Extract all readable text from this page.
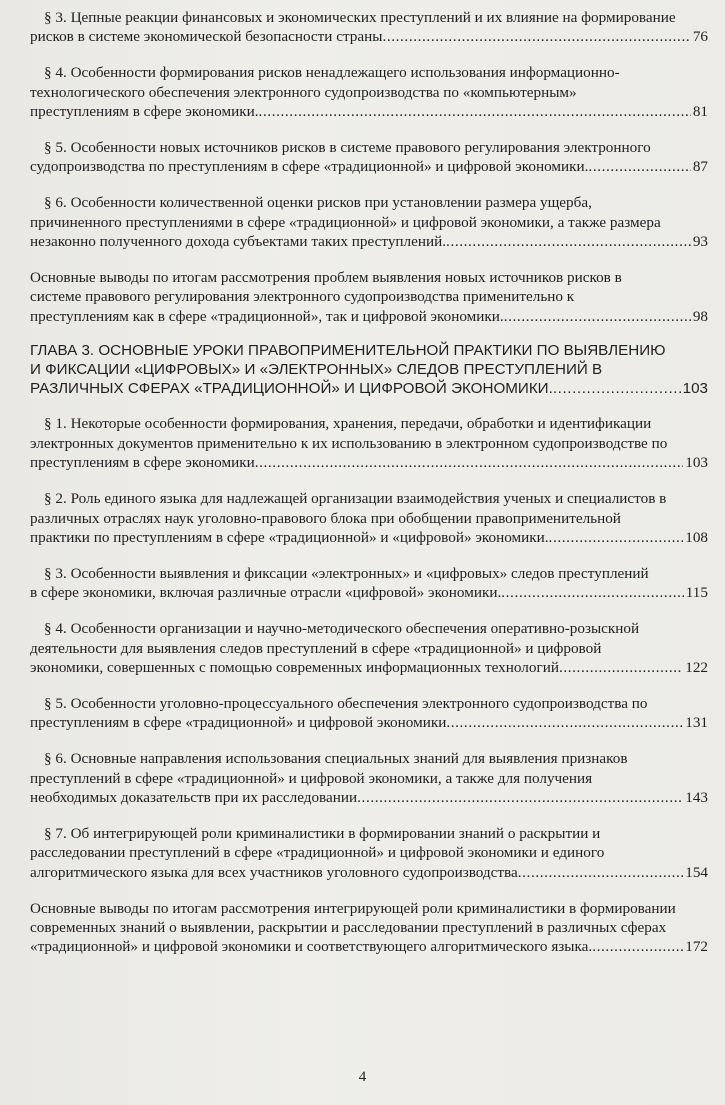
§ 3. Цепные реакции финансовых и экономических преступлений и их влияние на формирование
рисков в системе экономической безопасности страны .....	76
§ 4. Особенности формирования рисков ненадлежащего использования информационно-
технологического обеспечения электронного судопроизводства по «компьютерным»
преступлениям в сфере экономики. .....	81
§ 5. Особенности новых источников рисков в системе правового регулирования электронного
судопроизводства по преступлениям в сфере «традиционной» и цифровой экономики. .....	87
§ 6. Особенности количественной оценки рисков при установлении размера ущерба,
причиненного преступлениями в сфере «традиционной» и цифровой экономики, а также размера
незаконно полученного дохода субъектами таких преступлений. .....	93
Основные выводы по итогам рассмотрения проблем выявления новых источников рисков в
системе правового регулирования электронного судопроизводства применительно к
преступлениям как в сфере «традиционной», так и цифровой экономики. .....	98
ГЛАВА 3. ОСНОВНЫЕ УРОКИ ПРАВОПРИМЕНИТЕЛЬНОЙ ПРАКТИКИ ПО ВЫЯВЛЕНИЮ
И ФИКСАЦИИ «ЦИФРОВЫХ» И «ЭЛЕКТРОННЫХ» СЛЕДОВ ПРЕСТУПЛЕНИЙ В
РАЗЛИЧНЫХ СФЕРАХ «ТРАДИЦИОННОЙ» И ЦИФРОВОЙ ЭКОНОМИКИ. .....	103
§ 1. Некоторые особенности формирования, хранения, передачи, обработки и идентификации
электронных документов применительно к их использованию в электронном судопроизводстве по
преступлениям в сфере экономики .....	103
§ 2. Роль единого языка для надлежащей организации взаимодействия ученых и специалистов в
различных отраслях наук уголовно-правового блока при обобщении правоприменительной
практики по преступлениям в сфере «традиционной» и «цифровой» экономики. .....	108
§ 3. Особенности выявления и фиксации «электронных» и «цифровых» следов преступлений
в сфере экономики, включая различные отрасли «цифровой» экономики. .....	115
§ 4. Особенности организации и научно-методического обеспечения оперативно-розыскной
деятельности для выявления следов преступлений в сфере «традиционной» и цифровой
экономики, совершенных с помощью современных информационных технологий .....	122
§ 5. Особенности уголовно-процессуального обеспечения электронного судопроизводства по
преступлениям в сфере «традиционной» и цифровой экономики .....	131
§ 6. Основные направления использования специальных знаний для выявления признаков
преступлений в сфере «традиционной» и цифровой экономики, а также для получения
необходимых доказательств при их расследовании .....	143
§ 7. Об интегрирующей роли криминалистики в формировании знаний о раскрытии и
расследовании преступлений в сфере «традиционной» и цифровой экономики и единого
алгоритмического языка для всех участников уголовного судопроизводства .....	154
Основные выводы по итогам рассмотрения интегрирующей роли криминалистики в формировании
современных знаний о выявлении, раскрытии и расследовании преступлений в различных сферах
«традиционной» и цифровой экономики и соответствующего алгоритмического языка. .....	172
4
